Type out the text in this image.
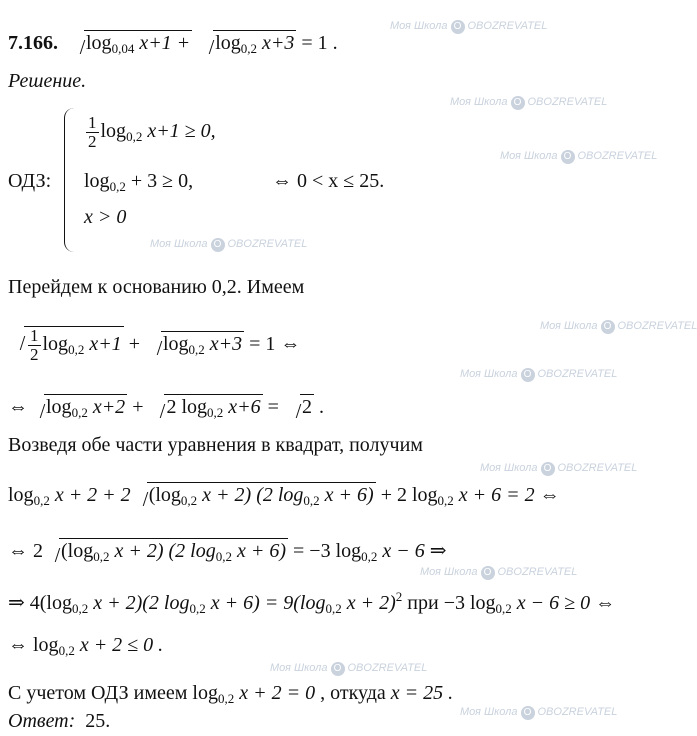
7.166. $\log_{0,04} x+1 + \log_{0,2} x+3 = 1$ .
Решение.
ОДЗ:
$\frac{1}{2} \log_{0,2} x+1 \ge 0$,
$\log_{0,2} + 3 \ge 0$,
x > 0
⇔ 0 < x ≤ 25.
Перейдем к основанию 0,2. Имеем
$\frac{1}{2} \log_{0,2} x+1 + \log_{0,2} x+3 = 1$ ⇔
⇔ $\log_{0,2} x+2 + 2$ $\log_{0,2} x+6 = 2$ .
Возведя обе части уравнения в квадрат, получим
$\log_{0,2} x + 2 + 2$ ($\log_{0,2}$ x + 2) (2 $\log_{0,2} x + 6) + 2$ $\log_{0,2} x + 6 = 2$ ⇔
⇔ 2 ($\log_{0,2}$ x + 2) (2 $\log_{0,2} x + 6) = -3$ $\log_{0,2} x - 6$ ⇒
⇒ $4(\log_{0,2}$ x + 2)(2 $\log_{0,2} x + 6) = 9(\log_{0,2}$ x + 2)$^2$ при −3 $\log_{0,2} x - 6 \ge 0$ ⇔
⇔ $\log_{0,2} x + 2 \le 0$ .
С учетом ОДЗ имеем $\log_{0,2} x + 2 = 0$ , откуда x = 25 .
Ответ: 25.
Моя Школа O OBOZREVATEL
Моя Школа O OBOZREVATEL
Моя Школа O OBOZREVATEL
Моя Школа O OBOZREVATEL
Моя Школа O OBOZREVATEL
Моя Школа O OBOZREVATEL
Моя Школа O OBOZREVATEL
Моя Школа O OBOZREVATEL
Моя Школа O OBOZREVATEL
Моя Школа O OBOZREVATEL
